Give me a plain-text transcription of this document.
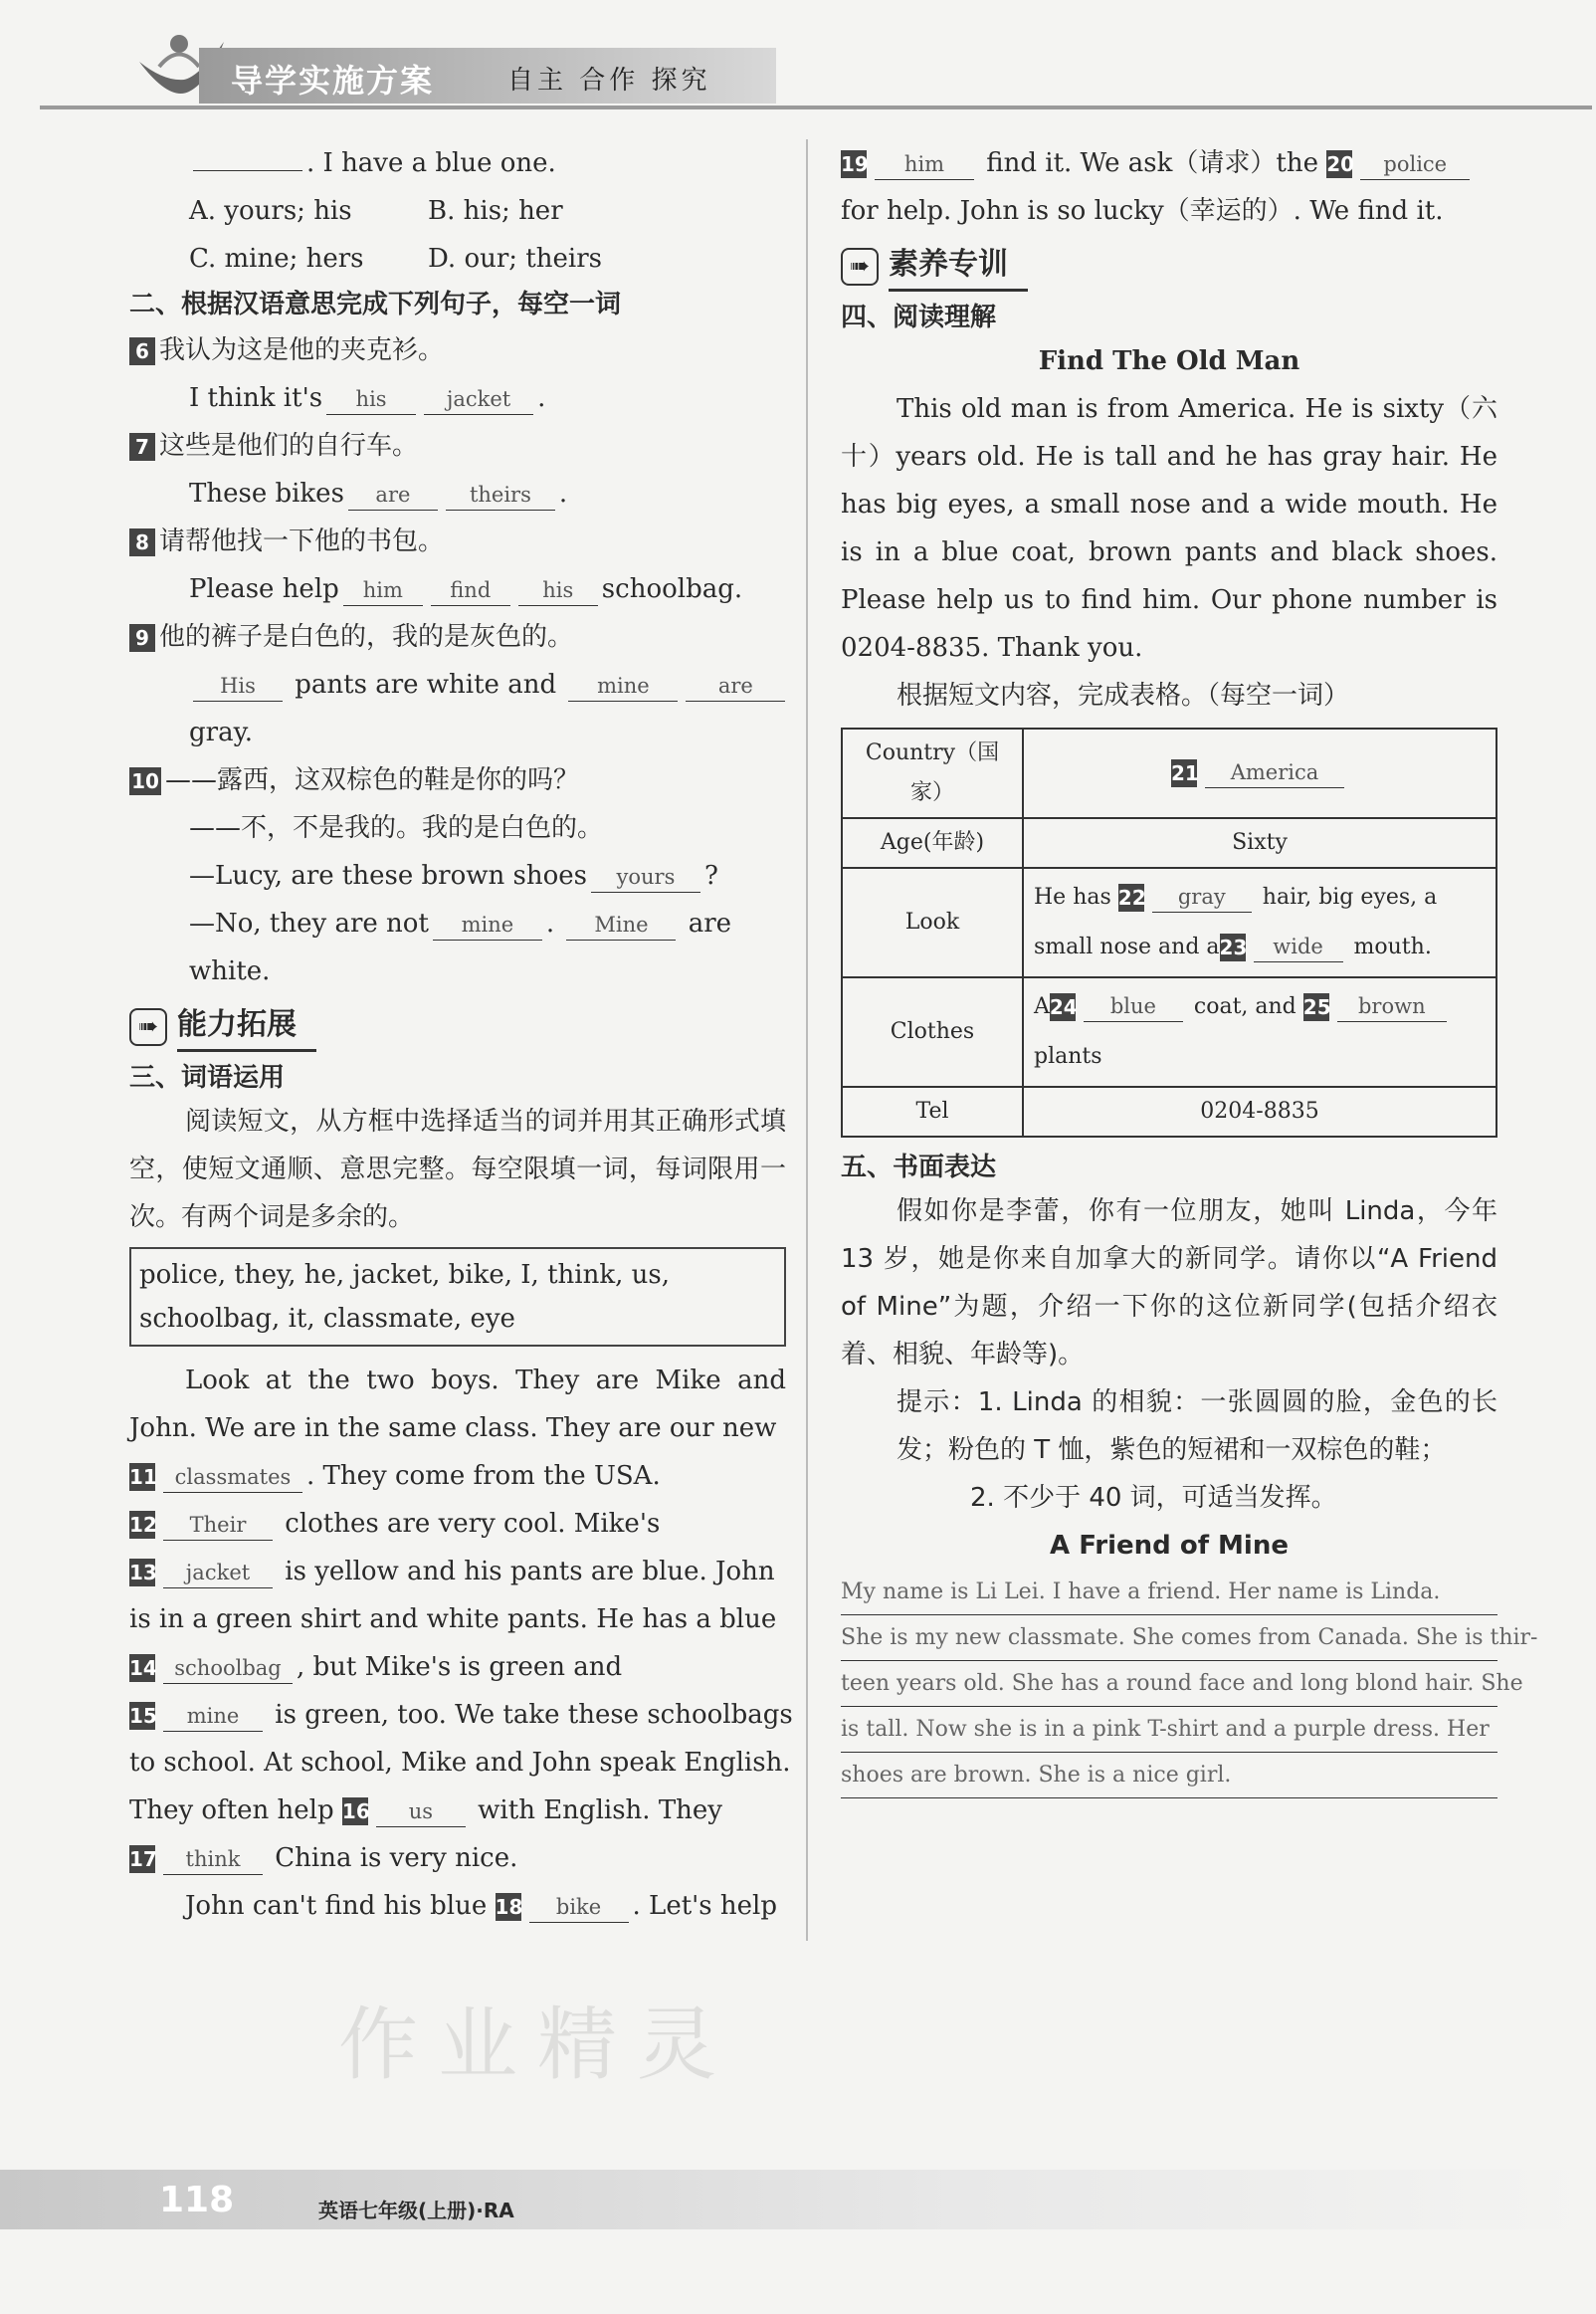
导学实施方案	自主 合作 探究
作业精灵
. I have a blue one.
A. yours; his	B. his; her
C. mine; hers D. our; theirs
二、根据汉语意思完成下列句子，每空一词
6 我认为这是他的夹克衫。
I think it's his	jacket .
7 这些是他们的自行车。
These bikes are	theirs .
8 请帮他找一下他的书包。
Please help him find his schoolbag.
9 他的裤子是白色的，我的是灰色的。
His pants are white and mine	are
gray.
10 ——露西，这双棕色的鞋是你的吗？
——不，不是我的。我的是白色的。
—Lucy, are these brown shoes yours ?
—No, they are not mine . Mine are
white.
➠ 能力拓展
三、词语运用
阅读短文，从方框中选择适当的词并用其正确形式填空，使短文通顺、意思完整。每空限填一词，每词限用一次。有两个词是多余的。
police, they, he, jacket, bike, I, think, us, schoolbag, it, classmate, eye
Look at the two boys. They are Mike and John. We are in the same class. They are our new
11 classmates . They come from the USA.
12 Their clothes are very cool. Mike's
13 jacket is yellow and his pants are blue. John
is in a green shirt and white pants. He has a blue
14 schoolbag , but Mike's is green and
15 mine is green, too. We take these schoolbags
to school. At school, Mike and John speak English.
They often help 16 us with English. They
17 think China is very nice.
John can't find his blue 18 bike . Let's help
19 him find it. We ask（请求）the 20 police
for help. John is so lucky（幸运的）. We find it.
➠ 素养专训
四、阅读理解
Find The Old Man
This old man is from America. He is sixty（六十）years old. He is tall and he has gray hair. He has big eyes, a small nose and a wide mouth. He is in a blue coat, brown pants and black shoes. Please help us to find him. Our phone number is 0204-8835. Thank you.
根据短文内容，完成表格。（每空一词）
Country（国家）	21 America
Age(年龄)	Sixty
Look	He has 22 gray hair, big eyes, a
small nose and a23 wide mouth.
Clothes	A24 blue coat, and 25 brown
plants
Tel	0204-8835
五、书面表达
假如你是李蕾，你有一位朋友，她叫 Linda，今年 13 岁，她是你来自加拿大的新同学。请你以“A Friend of Mine”为题，介绍一下你的这位新同学(包括介绍衣着、相貌、年龄等)。
提示：1. Linda 的相貌：一张圆圆的脸，金色的长发；粉色的 T 恤，紫色的短裙和一双棕色的鞋；
2. 不少于 40 词，可适当发挥。
A Friend of Mine
My name is Li Lei. I have a friend. Her name is Linda.
She is my new classmate. She comes from Canada. She is thir-
teen years old. She has a round face and long blond hair. She
is tall. Now she is in a pink T-shirt and a purple dress. Her
shoes are brown. She is a nice girl.
118	英语七年级(上册)·RA
